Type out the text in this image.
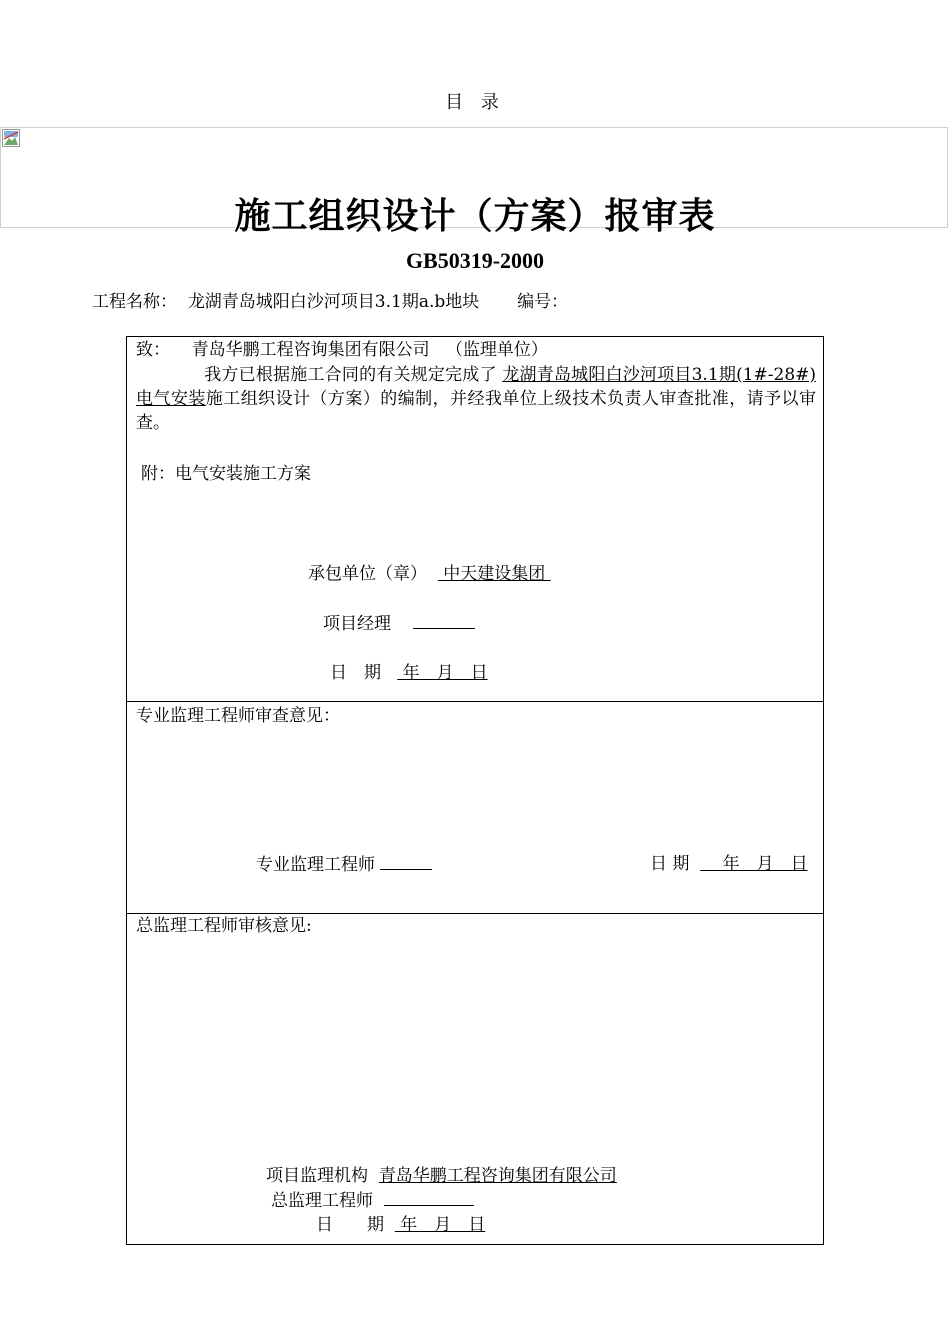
目 录
施工组织设计（方案）报审表
GB50319-2000
工程名称： 龙湖青岛城阳白沙河项目3.1期a.b地块 编号：
致： 青岛华鹏工程咨询集团有限公司 （监理单位）
我方已根据施工合同的有关规定完成了 龙湖青岛城阳白沙河项目3.1期(1#-28#)电气安装施工组织设计（方案）的编制，并经我单位上级技术负责人审查批准，请予以审查。
附：电气安装施工方案
承包单位（章）   中天建设集团
项目经理
日　期    年　月　日
专业监理工程师审查意见：
专业监理工程师	日 期  　 年　月　日
总监理工程师审核意见:
项目监理机构 青岛华鹏工程咨询集团有限公司
总监理工程师
日　　期   年　月　日
